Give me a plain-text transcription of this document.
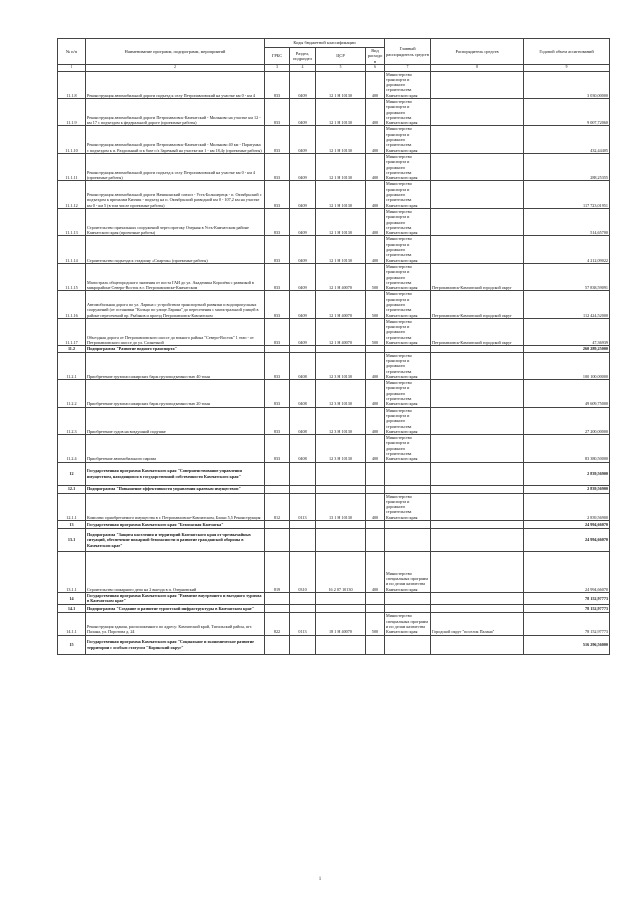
№ п/п	Наименование программ, подпрограмм, мероприятий	Коды бюджетной классификации				Главный распорядитель средств	Распорядитель средств	Годовой объем ассигнований
		ГРБС	Раздел, подраздел	ЦСР	Вид расходов			
1	2	3	4	5	6	7	8	9
11.1.8	Реконструкция автомобильной дороги подъезд к селу Петропавловский на участке км 0 - км 4	833	0409	12 1 Н 10130	400	Министерство транспорта и дорожного строительства Камчатского края		3 030,00000
11.1.9	Реконструкция автомобильной дороги Петропавловск-Камчатский - Мильково на участке км 12 - км 17 с подъездом к федеральной дороге (проектные работы)	833	0409	12 1 Н 10130	400	Министерство транспорта и дорожного строительства Камчатского края		9 007,72060
11.1.10	Реконструкция автомобильной дороги Петропавловск-Камчатский - Мильково 40 км - Паратунка с подъездом к п. Раздольный и к базе с/х Заречный на участке км 1 - км 18,4у (проектные работы)	833	0409	12 1 Н 10130	400	Министерство транспорта и дорожного строительства Камчатского края		432,44405
11.1.11	Реконструкция автомобильной дороги подъезд к селу Петропавловский на участке км 0 - км 4 (проектные работы)	833	0409	12 1 Н 10130	400	Министерство транспорта и дорожного строительства Камчатского края		288,25355
11.1.12	Реконструкция автомобильной дороги Начикинский совхоз - Усть-Большерецк - п. Октябрьский с подъездом к причалам Кихчик - подъезд на п. Октябрьский разводной км 0 - 107,2 км на участке км 0 - км 5 (в том числе проектные работы)	833	0409	12 1 Н 10130	400	Министерство транспорта и дорожного строительства Камчатского края		117 723,01951
11.1.13	Строительство причальных сооружений через протоку Озерная в Усть-Камчатском районе Камчатского края (проектные работы)	833	0409	12 1 Н 10130	400	Министерство транспорта и дорожного строительства Камчатского края		514,65700
11.1.14	Строительство подъезда к стадиону «Спартак» (проектные работы)	833	0409	12 1 Н 10130	400	Министерство транспорта и дорожного строительства Камчатского края		4 212,09022
11.1.15	Магистраль общегородского значения от поста ГАИ до ул. Академика Королёва с развязкой в микрорайоне Северо-Восток в г. Петропавловске-Камчатском	833	0409	12 1 Н 40070	500	Министерство транспорта и дорожного строительства Камчатского края	Петропавловск-Камчатский городской округ	57 838,59091
11.1.16	Автомобильная дорога по ул. Ларина с устройством транспортной развязки и водопропускных сооружений (от остановки "Кольцо по улице Ларина" до пересечения с магистральной улицей в районе пересечений пр. Рыбаков и проезд Петропавловск-Камчатском	833	0409	12 1 Н 40070	500	Министерство транспорта и дорожного строительства Камчатского края	Петропавловск-Камчатский городской округ	112 424,52000
11.1.17	Объездная дорога от Петропавловского шоссе до южного района "Северо-Восток" 1 этап - от Петропавловского шоссе до ул. Солнечной	833	0409	12 1 Н 40070	500	Министерство транспорта и дорожного строительства Камчатского края	Петропавловск-Камчатский городской округ	47,36939
11.2	Подпрограмма "Развитие водного транспорта"							260 289,25000
11.2.1	Приобретение грузопассажирских барж грузоподъемностью 40 тонн	833	0408	12 3 Н 10130	400	Министерство транспорта и дорожного строительства Камчатского края		100 100,00000
11.2.2	Приобретение грузопассажирских барж грузоподъемностью 20 тонн	833	0408	12 3 Н 10130	400	Министерство транспорта и дорожного строительства Камчатского края		49 609,75000
11.2.3	Приобретение судов на воздушной подушке	833	0408	12 3 Н 10130	400	Министерство транспорта и дорожного строительства Камчатского края		27 200,00000
11.2.4	Приобретение автомобильного парома	833	0408	12 3 Н 10130	400	Министерство транспорта и дорожного строительства Камчатского края		83 380,50000
12	Государственная программа Камчатского края "Совершенствование управления имуществом, находящимся в государственной собственности Камчатского края"							2 839,56900
12.1	Подпрограмма "Повышение эффективности управления краевым имуществом"							2 839,56900
12.1.1	Комплекс приобретаемого имущества в г. Петропавловске-Камчатском, Блоки 5,5 Реконструкция	812	0113	13 1 Н 10130	400	Министерство транспорта и дорожного строительства Камчатского края		2 839,56900
13	Государственная программа Камчатского края "Безопасная Камчатка"							24 994,66070
13.1	Подпрограмма "Защита населения и территорий Камчатского края от чрезвычайных ситуаций, обеспечение пожарной безопасности и развитие гражданской обороны в Камчатском крае"							24 994,66070
13.1.1	Строительство пожарного депо на 2 выезда в п. Озерновский	819	0310	16 2 07 10130	400	Министерство специальных программ и по делам казачества Камчатского края		24 994,66070
14	Государственная программа Камчатского края "Развитие внутреннего и въездного туризма в Камчатском крае"							78 152,97773
14.1	Подпрограмма "Создание и развитие туристской инфраструктуры в Камчатском крае"							78 152,97773
14.1.1	Реконструкция здания, расположенного по адресу: Камчатский край, Тигильский район, пгт. Палана, ул. Поротова д. 24	822	0113	18 1 Н 40070	500	Министерство специальных программ и по делам казачества Камчатского края	Городской округ "поселок Палана"	78 152,97773
15	Государственная программа Камчатского края "Социальное и экономическое развитие территории с особым статусом "Корякский округ"							516 296,56000
1
